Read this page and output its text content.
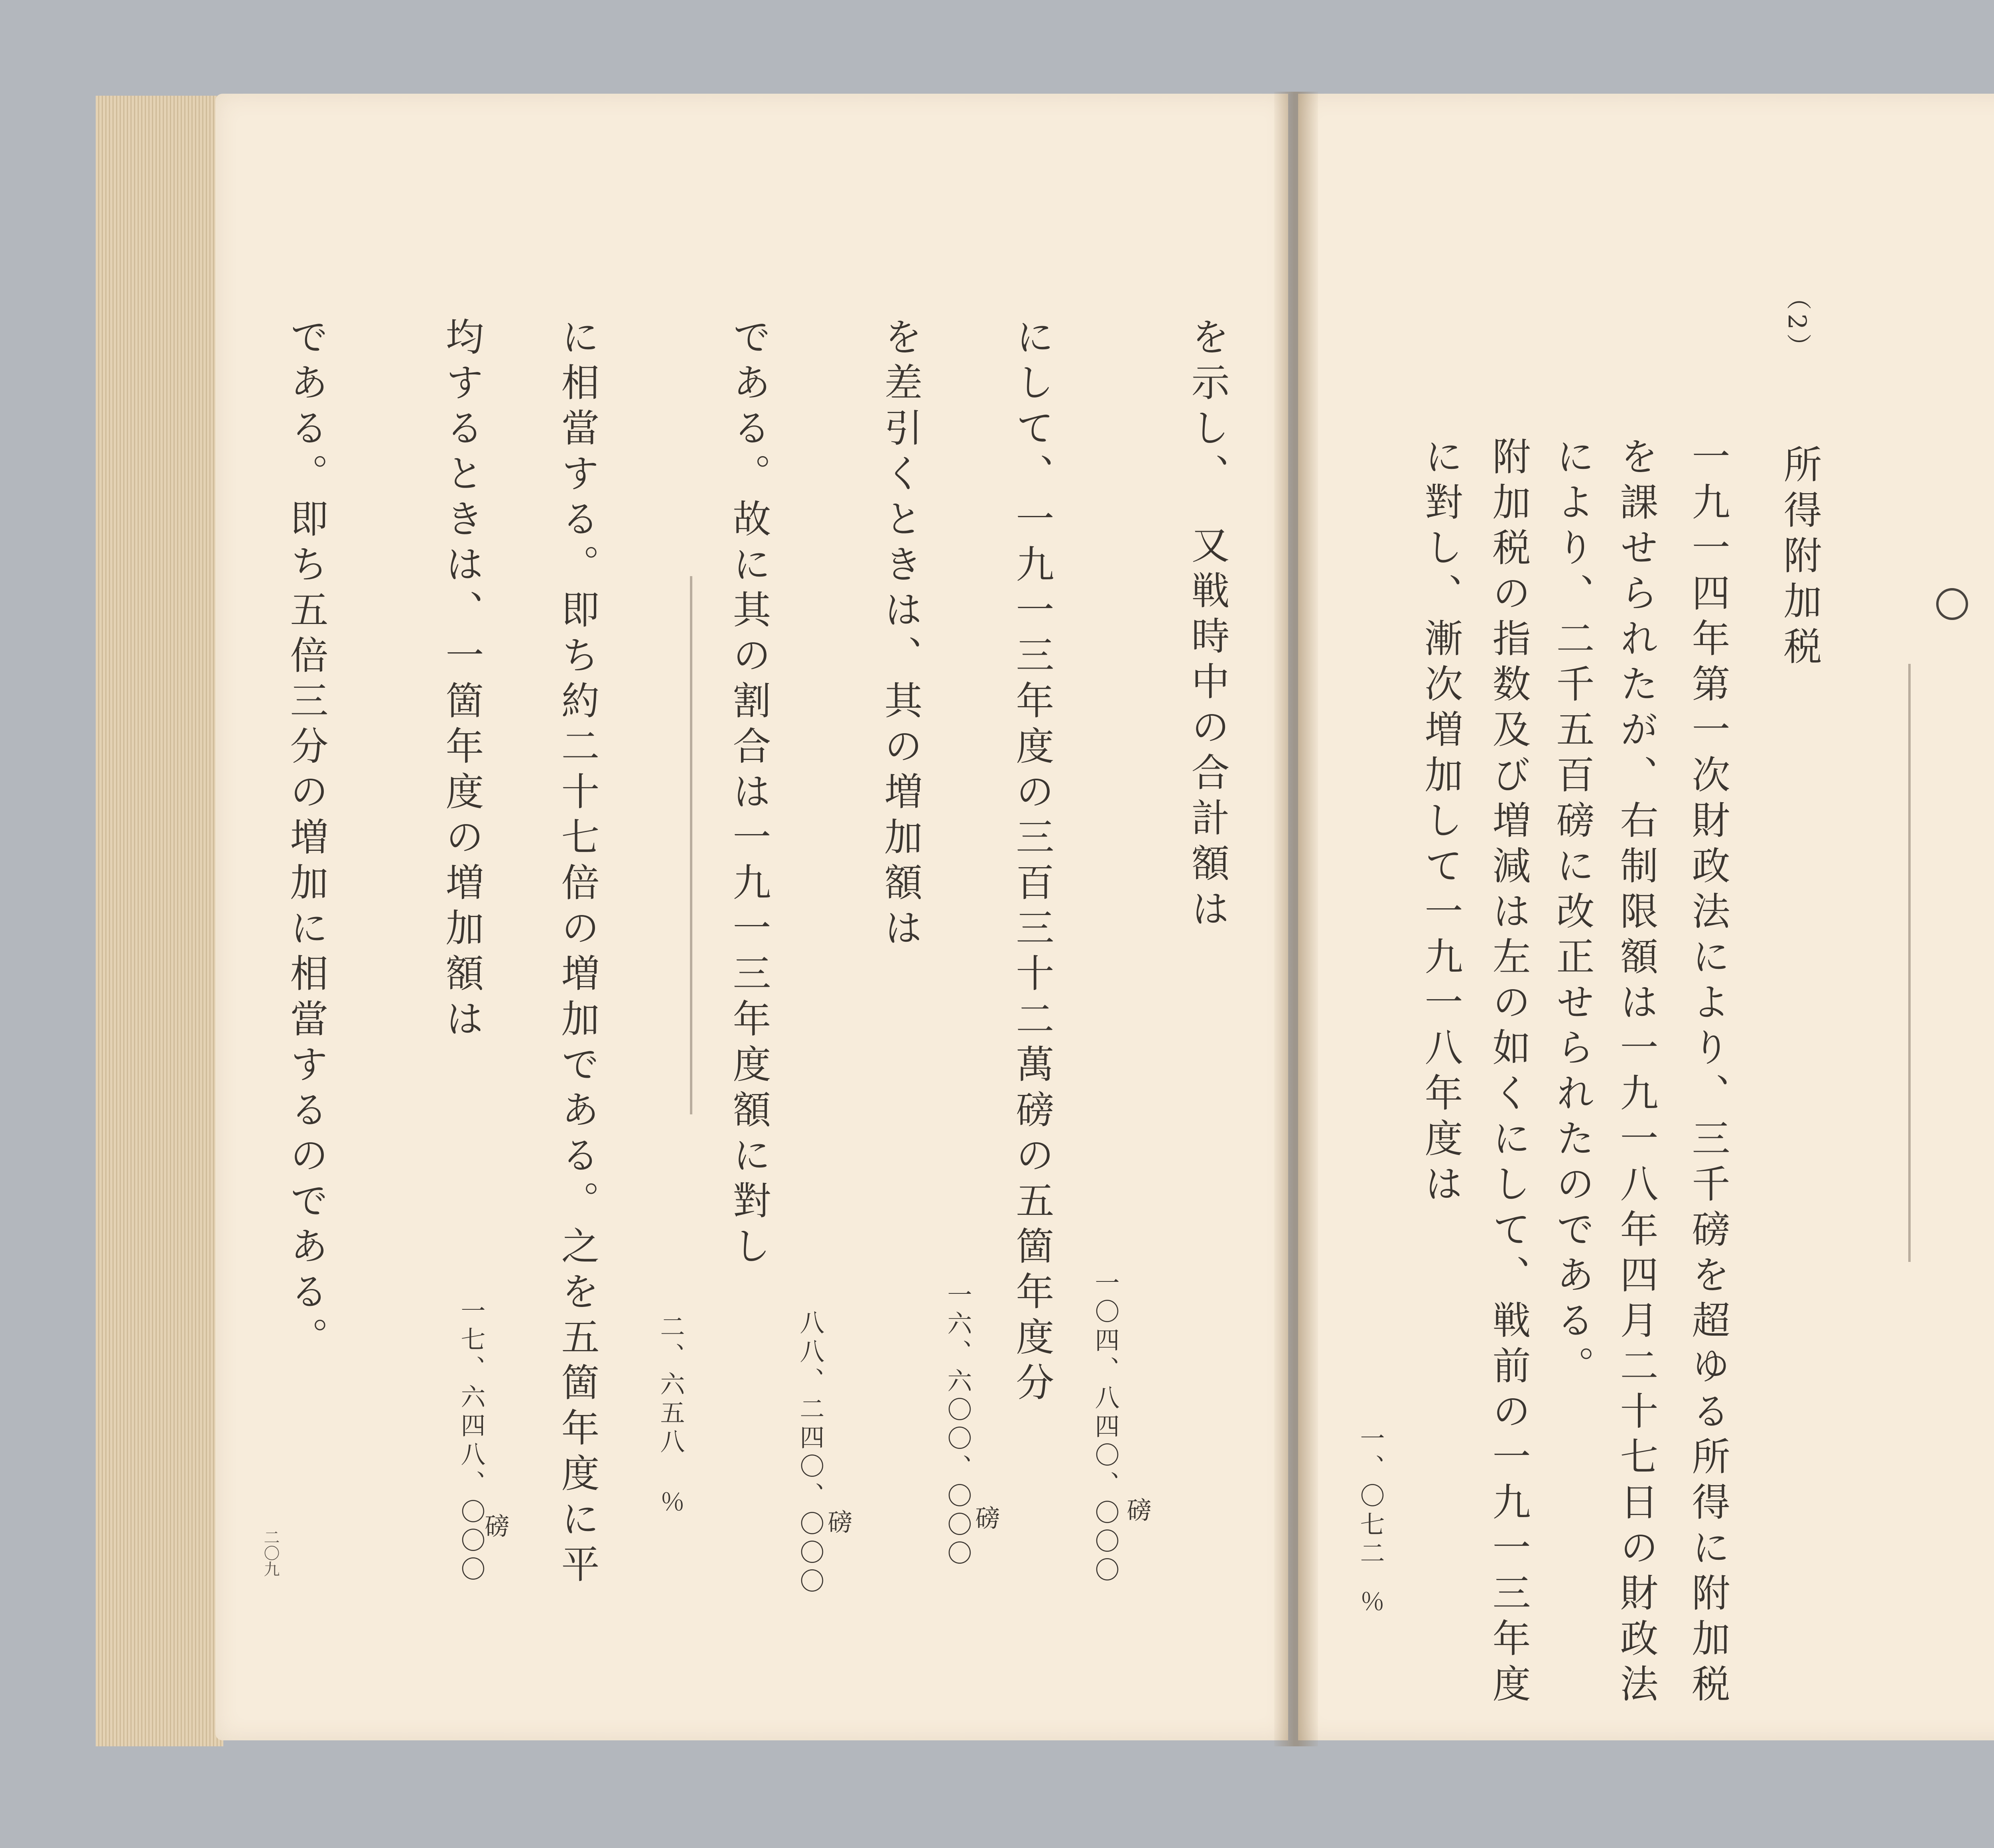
を示し、　又戦時中の合計額は
にして、一九一三年度の三百三十二萬磅の五箇年度分
を差引くときは、其の増加額は
である。故に其の割合は一九一三年度額に對し
に相當する。即ち約二十七倍の増加である。之を五箇年度に平
均するときは、一箇年度の増加額は
である。即ち五倍三分の増加に相當するのである。
一〇四、八四〇、〇〇〇 磅
一六、六〇〇、〇〇〇
磅
八八、二四〇、〇〇〇
磅
二、六五八
％
一七、六四八、〇〇〇
磅
二〇九
（2）
所得附加税
一九一四年第一次財政法により、三千磅を超ゆる所得に附加税
を課せられたが、右制限額は一九一八年四月二十七日の財政法
により、二千五百磅に改正せられたのである。
附加税の指数及び増減は左の如くにして、戦前の一九一三年度
に對し、漸次増加して一九一八年度は
一、〇七二
％
